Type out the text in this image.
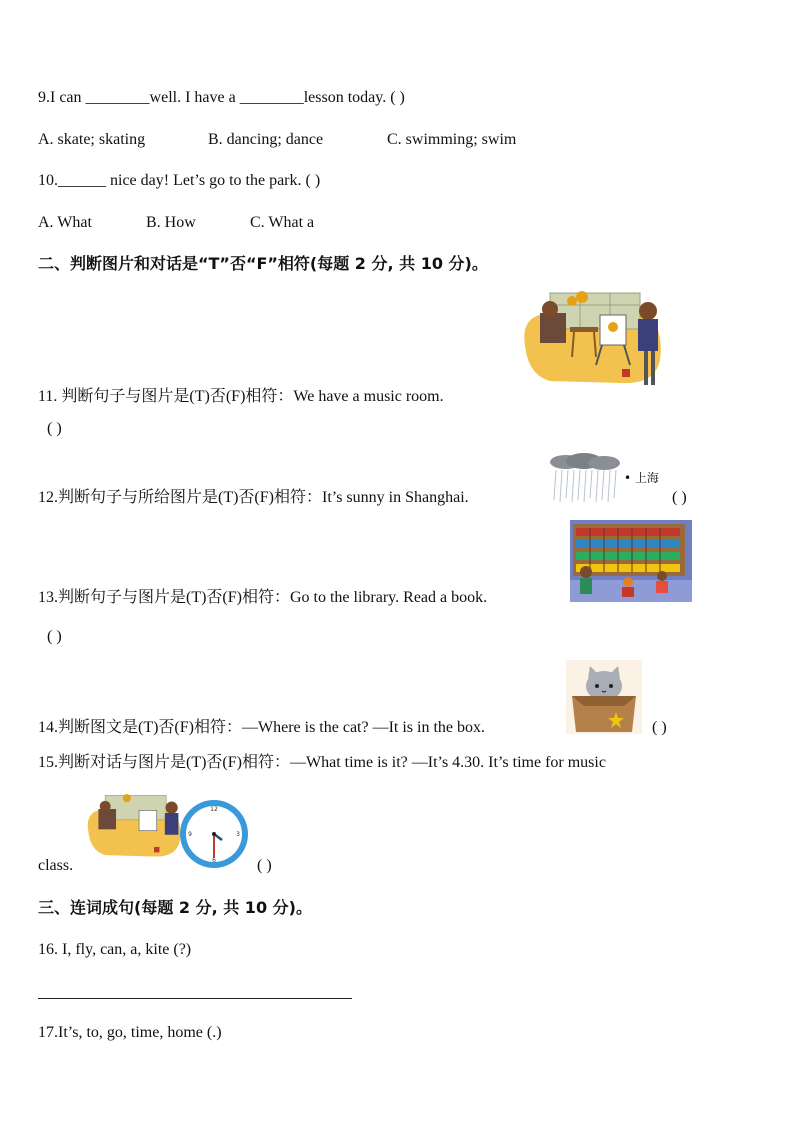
9.I can ________well. I have a ________lesson today. ( )
A. skate; skating	B. dancing; dance	C. swimming; swim
10.______ nice day! Let’s go to the park. ( )
A. What	B. How	C. What a
二、判断图片和对话是“T”否“F”相符(每题 2 分, 共 10 分)。
11. 判断句子与图片是(T)否(F)相符：We have a music room.
( )
• 上海
12.判断句子与所给图片是(T)否(F)相符：It’s sunny in Shanghai.	( )
13.判断句子与图片是(T)否(F)相符：Go to the library. Read a book.
( )
14.判断图文是(T)否(F)相符：—Where is the cat? —It is in the box.	( )
15.判断对话与图片是(T)否(F)相符：—What time is it? —It’s 4.30. It’s time for music
12
3
6
9
class.	( )
三、连词成句(每题 2 分, 共 10 分)。
16. I, fly, can, a, kite (?)
17.It’s, to, go, time, home (.)
